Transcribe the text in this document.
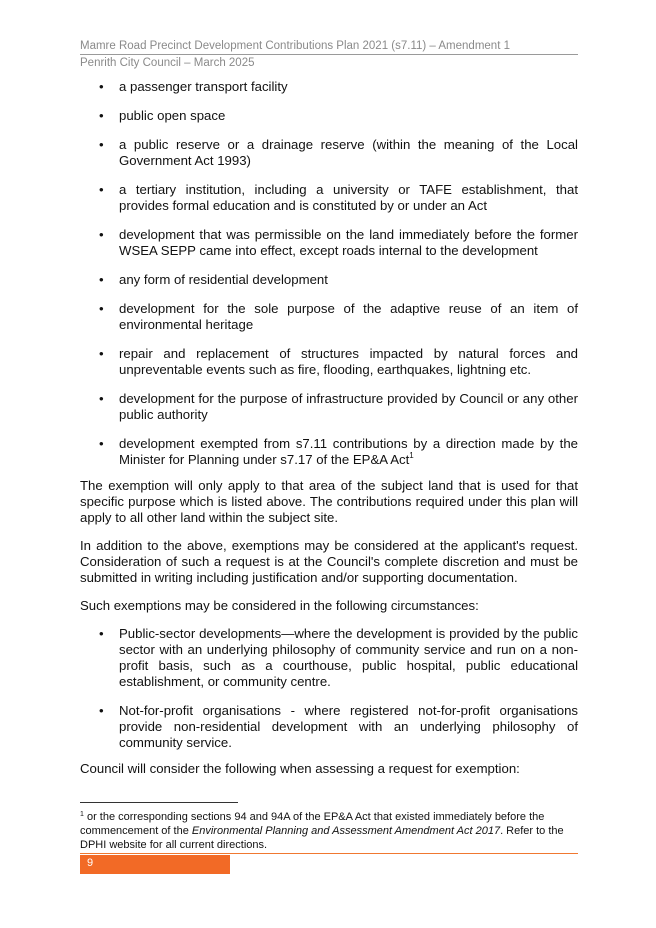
Mamre Road Precinct Development Contributions Plan 2021 (s7.11) – Amendment 1
Penrith City Council – March 2025
• a passenger transport facility
• public open space
• a public reserve or a drainage reserve (within the meaning of the Local Government Act 1993)
• a tertiary institution, including a university or TAFE establishment, that provides formal education and is constituted by or under an Act
• development that was permissible on the land immediately before the former WSEA SEPP came into effect, except roads internal to the development
• any form of residential development
• development for the sole purpose of the adaptive reuse of an item of environmental heritage
• repair and replacement of structures impacted by natural forces and unpreventable events such as fire, flooding, earthquakes, lightning etc.
• development for the purpose of infrastructure provided by Council or any other public authority
• development exempted from s7.11 contributions by a direction made by the Minister for Planning under s7.17 of the EP&A Act$^1$

The exemption will only apply to that area of the subject land that is used for that specific purpose which is listed above. The contributions required under this plan will apply to all other land within the subject site.

In addition to the above, exemptions may be considered at the applicant's request. Consideration of such a request is at the Council's complete discretion and must be submitted in writing including justification and/or supporting documentation.

Such exemptions may be considered in the following circumstances:

• Public-sector developments—where the development is provided by the public sector with an underlying philosophy of community service and run on a non-profit basis, such as a courthouse, public hospital, public educational establishment, or community centre.
• Not-for-profit organisations - where registered not-for-profit organisations provide non-residential development with an underlying philosophy of community service.

Council will consider the following when assessing a request for exemption:

$^1$ or the corresponding sections 94 and 94A of the EP&A Act that existed immediately before the commencement of the Environmental Planning and Assessment Amendment Act 2017. Refer to the DPHI website for all current directions.
9
